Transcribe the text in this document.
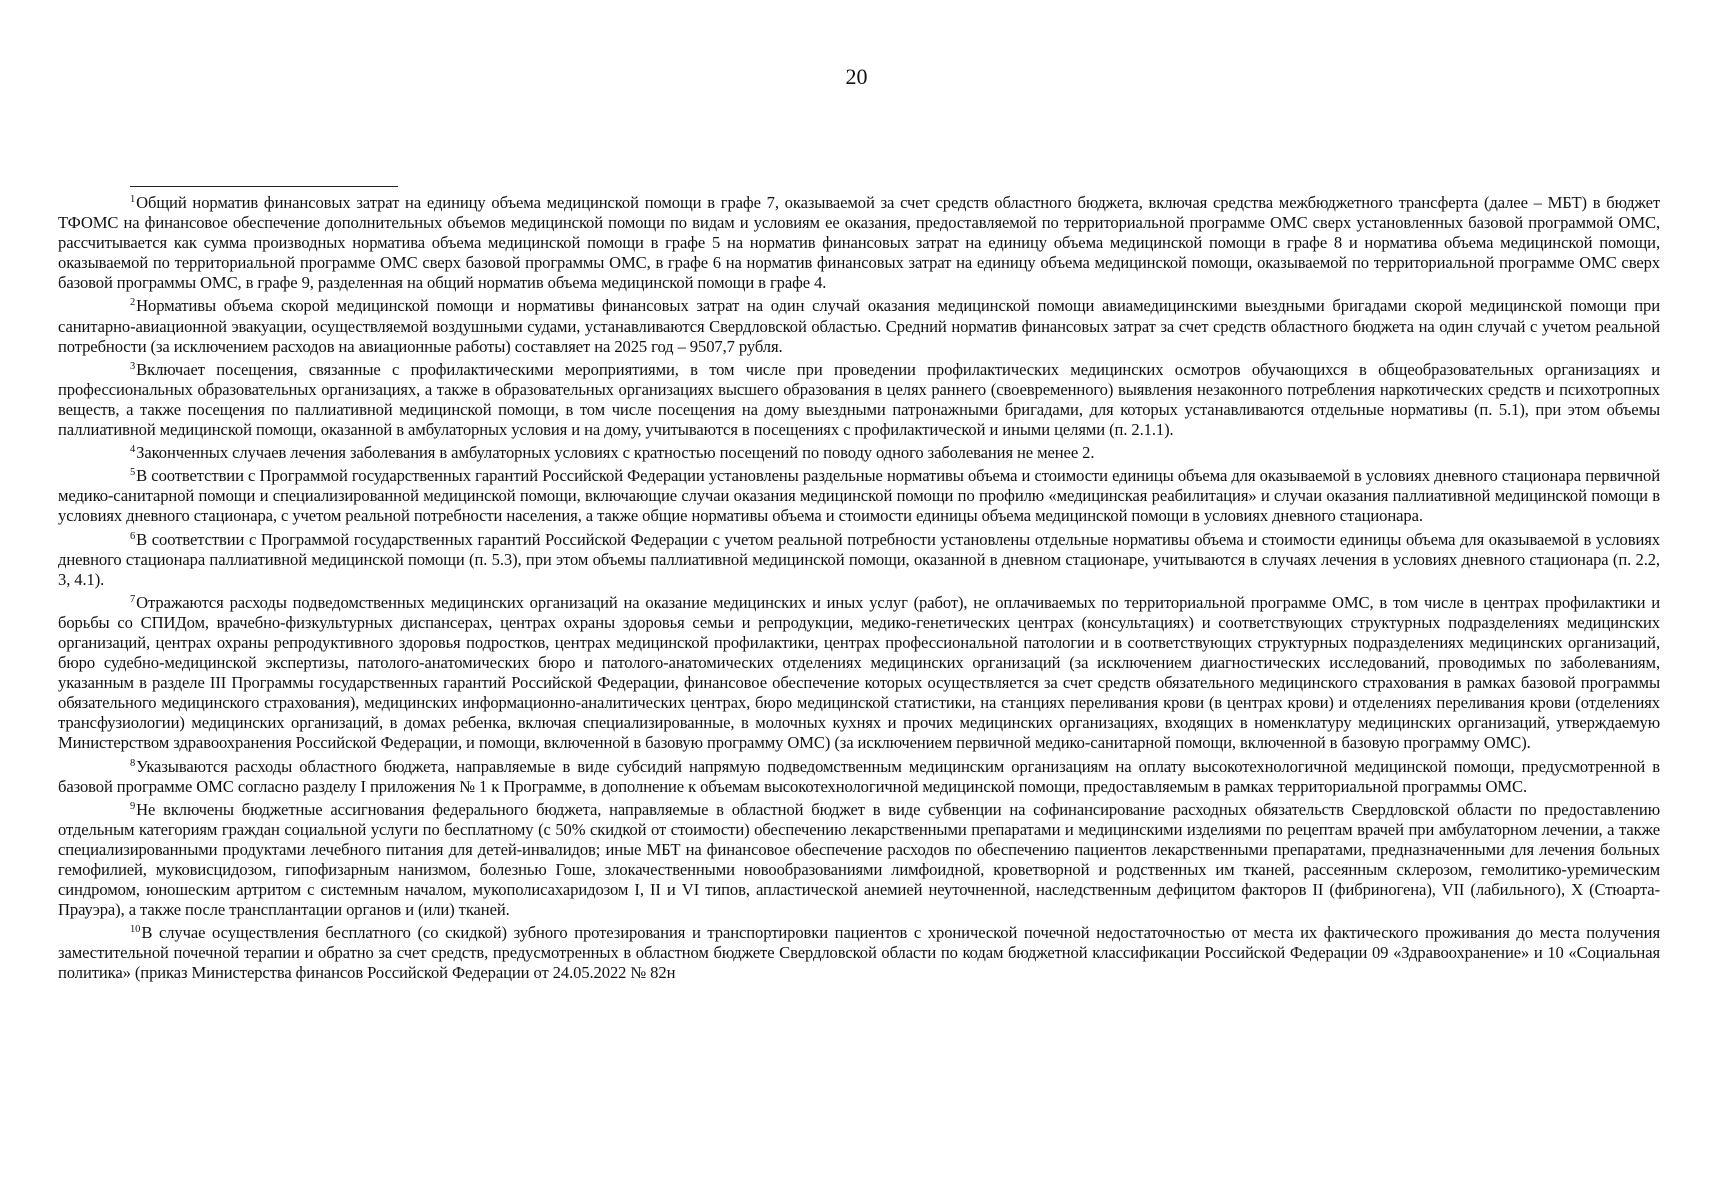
20

$^1$Общий норматив финансовых затрат на единицу объема медицинской помощи в графе 7, оказываемой за счет средств областного бюджета, включая средства межбюджетного трансферта (далее – МБТ) в бюджет ТФОМС на финансовое обеспечение дополнительных объемов медицинской помощи по видам и условиям ее оказания, предоставляемой по территориальной программе ОМС сверх установленных базовой программой ОМС, рассчитывается как сумма производных норматива объема медицинской помощи в графе 5 на норматив финансовых затрат на единицу объема медицинской помощи в графе 8 и норматива объема медицинской помощи, оказываемой по территориальной программе ОМС сверх базовой программы ОМС, в графе 6 на норматив финансовых затрат на единицу объема медицинской помощи, оказываемой по территориальной программе ОМС сверх базовой программы ОМС, в графе 9, разделенная на общий норматив объема медицинской помощи в графе 4.

$^2$Нормативы объема скорой медицинской помощи и нормативы финансовых затрат на один случай оказания медицинской помощи авиамедицинскими выездными бригадами скорой медицинской помощи при санитарно-авиационной эвакуации, осуществляемой воздушными судами, устанавливаются Свердловской областью. Средний норматив финансовых затрат за счет средств областного бюджета на один случай с учетом реальной потребности (за исключением расходов на авиационные работы) составляет на 2025 год – 9507,7 рубля.

$^3$Включает посещения, связанные с профилактическими мероприятиями, в том числе при проведении профилактических медицинских осмотров обучающихся в общеобразовательных организациях и профессиональных образовательных организациях, а также в образовательных организациях высшего образования в целях раннего (своевременного) выявления незаконного потребления наркотических средств и психотропных веществ, а также посещения по паллиативной медицинской помощи, в том числе посещения на дому выездными патронажными бригадами, для которых устанавливаются отдельные нормативы (п. 5.1), при этом объемы паллиативной медицинской помощи, оказанной в амбулаторных условия и на дому, учитываются в посещениях с профилактической и иными целями (п. 2.1.1).

$^4$Законченных случаев лечения заболевания в амбулаторных условиях с кратностью посещений по поводу одного заболевания не менее 2.

$^5$В соответствии с Программой государственных гарантий Российской Федерации установлены раздельные нормативы объема и стоимости единицы объема для оказываемой в условиях дневного стационара первичной медико-санитарной помощи и специализированной медицинской помощи, включающие случаи оказания медицинской помощи по профилю «медицинская реабилитация» и случаи оказания паллиативной медицинской помощи в условиях дневного стационара, с учетом реальной потребности населения, а также общие нормативы объема и стоимости единицы объема медицинской помощи в условиях дневного стационара.

$^6$В соответствии с Программой государственных гарантий Российской Федерации с учетом реальной потребности установлены отдельные нормативы объема и стоимости единицы объема для оказываемой в условиях дневного стационара паллиативной медицинской помощи (п. 5.3), при этом объемы паллиативной медицинской помощи, оказанной в дневном стационаре, учитываются в случаях лечения в условиях дневного стационара (п. 2.2, 3, 4.1).

$^7$Отражаются расходы подведомственных медицинских организаций на оказание медицинских и иных услуг (работ), не оплачиваемых по территориальной программе ОМС, в том числе в центрах профилактики и борьбы со СПИДом, врачебно-физкультурных диспансерах, центрах охраны здоровья семьи и репродукции, медико-генетических центрах (консультациях) и соответствующих структурных подразделениях медицинских организаций, центрах охраны репродуктивного здоровья подростков, центрах медицинской профилактики, центрах профессиональной патологии и в соответствующих структурных подразделениях медицинских организаций, бюро судебно-медицинской экспертизы, патолого-анатомических бюро и патолого-анатомических отделениях медицинских организаций (за исключением диагностических исследований, проводимых по заболеваниям, указанным в разделе III Программы государственных гарантий Российской Федерации, финансовое обеспечение которых осуществляется за счет средств обязательного медицинского страхования в рамках базовой программы обязательного медицинского страхования), медицинских информационно-аналитических центрах, бюро медицинской статистики, на станциях переливания крови (в центрах крови) и отделениях переливания крови (отделениях трансфузиологии) медицинских организаций, в домах ребенка, включая специализированные, в молочных кухнях и прочих медицинских организациях, входящих в номенклатуру медицинских организаций, утверждаемую Министерством здравоохранения Российской Федерации, и помощи, включенной в базовую программу ОМС) (за исключением первичной медико-санитарной помощи, включенной в базовую программу ОМС).

$^8$Указываются расходы областного бюджета, направляемые в виде субсидий напрямую подведомственным медицинским организациям на оплату высокотехнологичной медицинской помощи, предусмотренной в базовой программе ОМС согласно разделу I приложения № 1 к Программе, в дополнение к объемам высокотехнологичной медицинской помощи, предоставляемым в рамках территориальной программы ОМС.

$^9$Не включены бюджетные ассигнования федерального бюджета, направляемые в областной бюджет в виде субвенции на софинансирование расходных обязательств Свердловской области по предоставлению отдельным категориям граждан социальной услуги по бесплатному (с 50% скидкой от стоимости) обеспечению лекарственными препаратами и медицинскими изделиями по рецептам врачей при амбулаторном лечении, а также специализированными продуктами лечебного питания для детей-инвалидов; иные МБТ на финансовое обеспечение расходов по обеспечению пациентов лекарственными препаратами, предназначенными для лечения больных гемофилией, муковисцидозом, гипофизарным нанизмом, болезнью Гоше, злокачественными новообразованиями лимфоидной, кроветворной и родственных им тканей, рассеянным склерозом, гемолитико-уремическим синдромом, юношеским артритом с системным началом, мукополисахаридозом I, II и VI типов, апластической анемией неуточненной, наследственным дефицитом факторов II (фибриногена), VII (лабильного), X (Стюарта-Прауэра), а также после трансплантации органов и (или) тканей.

$^{10}$В случае осуществления бесплатного (со скидкой) зубного протезирования и транспортировки пациентов с хронической почечной недостаточностью от места их фактического проживания до места получения заместительной почечной терапии и обратно за счет средств, предусмотренных в областном бюджете Свердловской области по кодам бюджетной классификации Российской Федерации 09 «Здравоохранение» и 10 «Социальная политика» (приказ Министерства финансов Российской Федерации от 24.05.2022 № 82н
